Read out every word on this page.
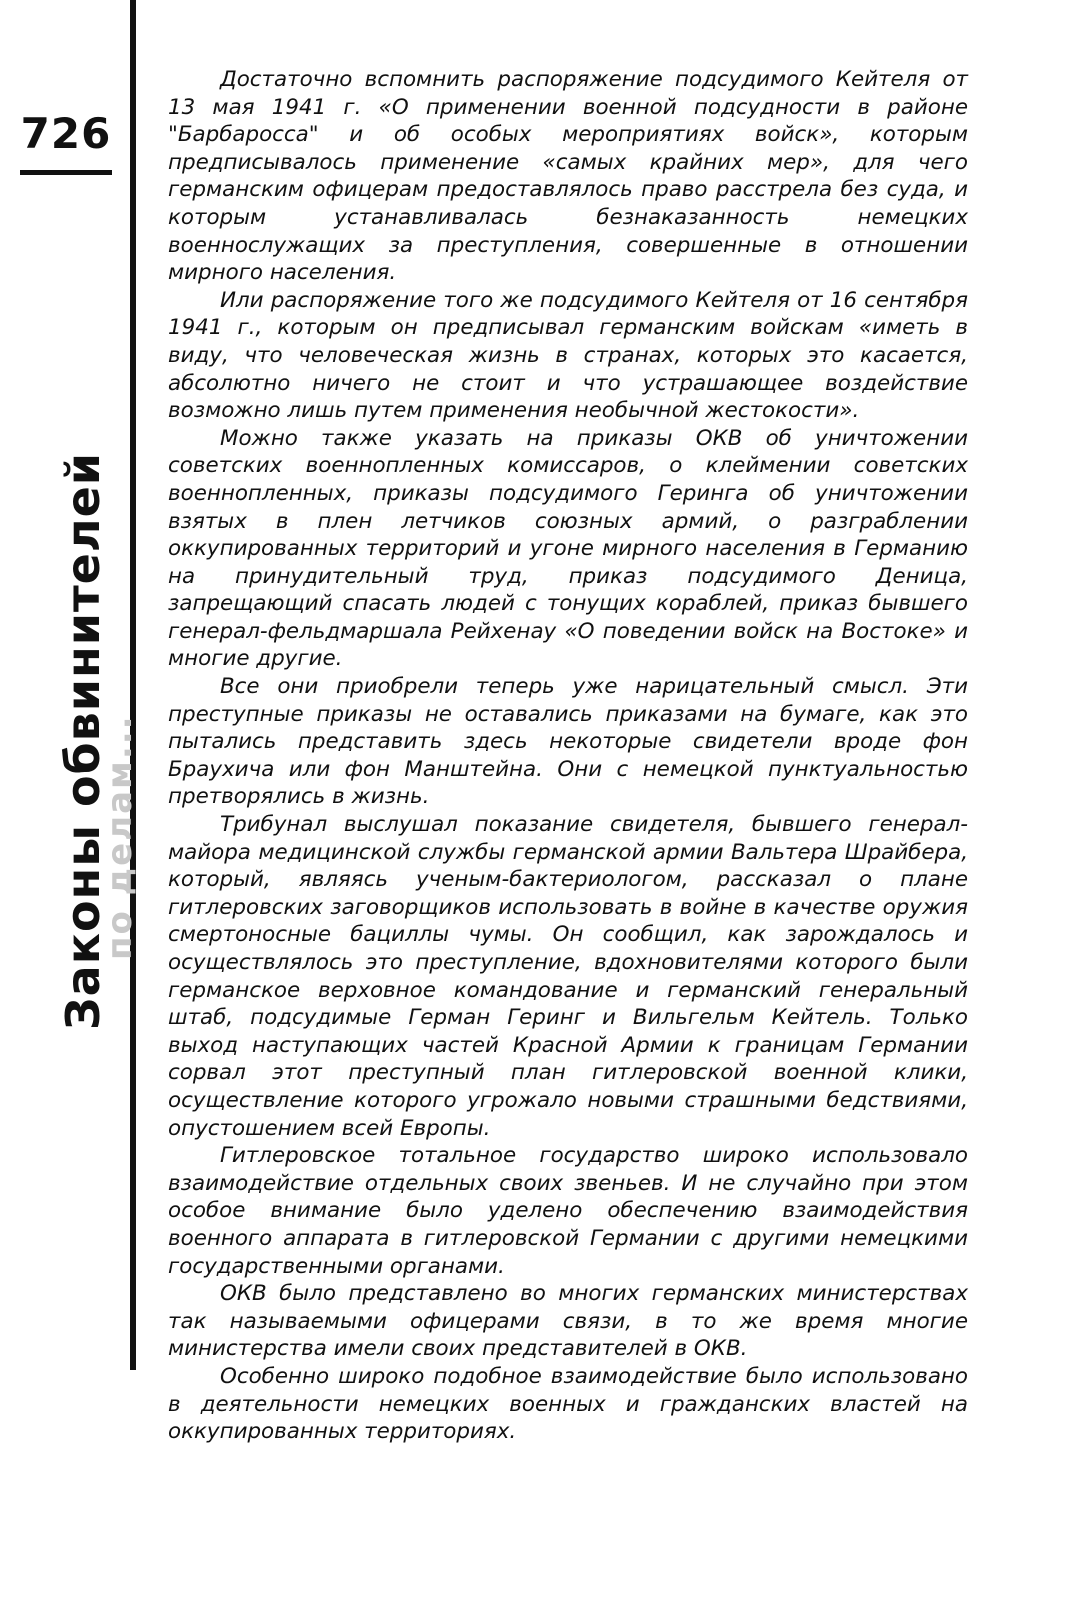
726
Законы обвинителей
по делам...

Достаточно вспомнить распоряжение подсудимого Кейтеля от 13 мая 1941 г. «О применении военной подсудности в районе "Барбаросса" и об особых мероприятиях войск», которым предписывалось применение «самых крайних мер», для чего германским офицерам предоставлялось право расстрела без суда, и которым устанавливалась безнаказанность немецких военнослужащих за преступления, совершенные в отношении мирного населения.

Или распоряжение того же подсудимого Кейтеля от 16 сентября 1941 г., которым он предписывал германским войскам «иметь в виду, что человеческая жизнь в странах, которых это касается, абсолютно ничего не стоит и что устрашающее воздействие возможно лишь путем применения необычной жестокости».

Можно также указать на приказы ОКВ об уничтожении советских военнопленных комиссаров, о клеймении советских военнопленных, приказы подсудимого Геринга об уничтожении взятых в плен летчиков союзных армий, о разграблении оккупированных территорий и угоне мирного населения в Германию на принудительный труд, приказ подсудимого Деница, запрещающий спасать людей с тонущих кораблей, приказ бывшего генерал-фельдмаршала Рейхенау «О поведении войск на Востоке» и многие другие.

Все они приобрели теперь уже нарицательный смысл. Эти преступные приказы не оставались приказами на бумаге, как это пытались представить здесь некоторые свидетели вроде фон Браухича или фон Манштейна. Они с немецкой пунктуальностью претворялись в жизнь.

Трибунал выслушал показание свидетеля, бывшего генерал-майора медицинской службы германской армии Вальтера Шрайбера, который, являясь ученым-бактериологом, рассказал о плане гитлеровских заговорщиков использовать в войне в качестве оружия смертоносные бациллы чумы. Он сообщил, как зарождалось и осуществлялось это преступление, вдохновителями которого были германское верховное командование и германский генеральный штаб, подсудимые Герман Геринг и Вильгельм Кейтель. Только выход наступающих частей Красной Армии к границам Германии сорвал этот преступный план гитлеровской военной клики, осуществление которого угрожало новыми страшными бедствиями, опустошением всей Европы.

Гитлеровское тотальное государство широко использовало взаимодействие отдельных своих звеньев. И не случайно при этом особое внимание было уделено обеспечению взаимодействия военного аппарата в гитлеровской Германии с другими немецкими государственными органами.

ОКВ было представлено во многих германских министерствах так называемыми офицерами связи, в то же время многие министерства имели своих представителей в ОКВ.

Особенно широко подобное взаимодействие было использовано в деятельности немецких военных и гражданских властей на оккупированных территориях.
